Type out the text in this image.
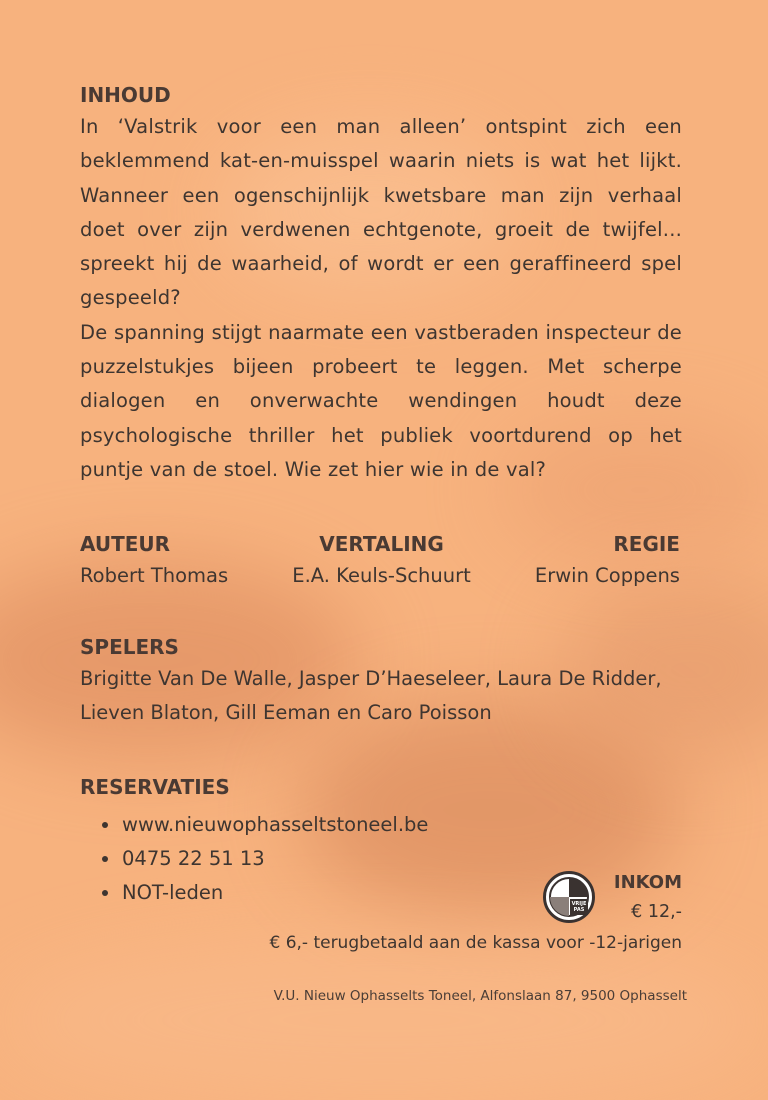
INHOUD

In ‘Valstrik voor een man alleen’ ontspint zich een beklemmend kat-en-muisspel waarin niets is wat het lijkt. Wanneer een ogenschijnlijk kwetsbare man zijn verhaal doet over zijn verdwenen echtgenote, groeit de twijfel... spreekt hij de waarheid, of wordt er een geraffineerd spel gespeeld?

De spanning stijgt naarmate een vastberaden inspecteur de puzzelstukjes bijeen probeert te leggen. Met scherpe dialogen en onverwachte wendingen houdt deze psychologische thriller het publiek voortdurend op het puntje van de stoel. Wie zet hier wie in de val?

AUTEUR
Robert Thomas
VERTALING
E.A. Keuls-Schuurt
REGIE
Erwin Coppens
SPELERS
Brigitte Van De Walle, Jasper D’Haeseleer, Laura De Ridder,
Lieven Blaton, Gill Eeman en Caro Poisson
RESERVATIES
www.nieuwophasseltstoneel.be
0475 22 51 13
NOT-leden	VRIJE
PAS
INKOM
€ 12,-
€ 6,- terugbetaald aan de kassa voor -12-jarigen
V.U. Nieuw Ophasselts Toneel, Alfonslaan 87, 9500 Ophasselt
